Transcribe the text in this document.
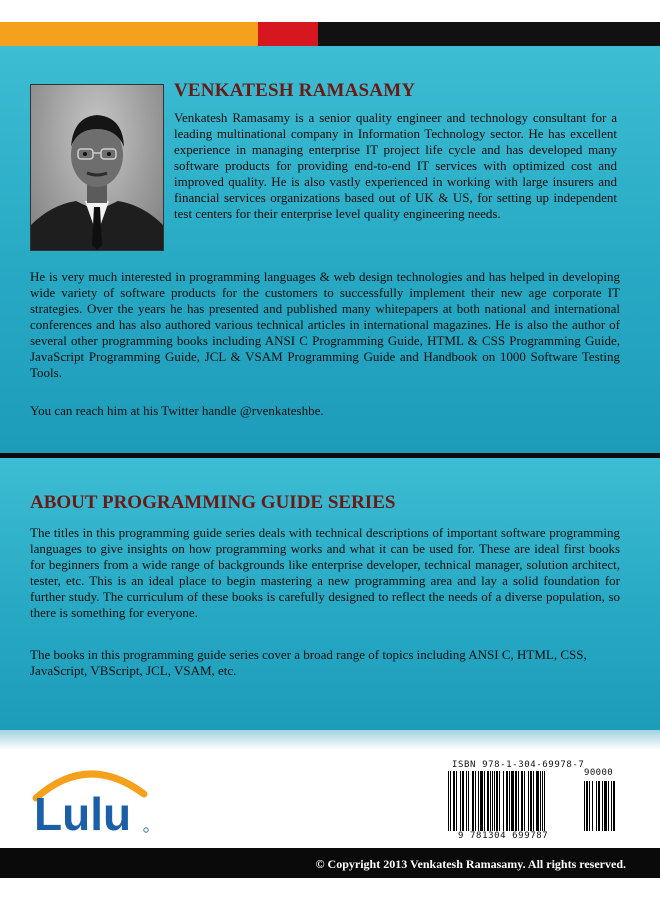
VENKATESH RAMASAMY

Venkatesh Ramasamy is a senior quality engineer and technology consultant for a leading multinational company in Information Technology sector. He has excellent experience in managing enterprise IT project life cycle and has developed many software products for providing end-to-end IT services with optimized cost and improved quality. He is also vastly experienced in working with large insurers and financial services organizations based out of UK & US, for setting up independent test centers for their enterprise level quality engineering needs.

He is very much interested in programming languages & web design technologies and has helped in developing wide variety of software products for the customers to successfully implement their new age corporate IT strategies. Over the years he has presented and published many whitepapers at both national and international conferences and has also authored various technical articles in international magazines. He is also the author of several other programming books including ANSI C Programming Guide, HTML & CSS Programming Guide, JavaScript Programming Guide, JCL & VSAM Programming Guide and Handbook on 1000 Software Testing Tools.

You can reach him at his Twitter handle @rvenkateshbe.

ABOUT PROGRAMMING GUIDE SERIES

The titles in this programming guide series deals with technical descriptions of important software programming languages to give insights on how programming works and what it can be used for. These are ideal first books for beginners from a wide range of backgrounds like enterprise developer, technical manager, solution architect, tester, etc. This is an ideal place to begin mastering a new programming area and lay a solid foundation for further study. The curriculum of these books is carefully designed to reflect the needs of a diverse population, so there is something for everyone.

The books in this programming guide series cover a broad range of topics including ANSI C, HTML, CSS, JavaScript, VBScript, JCL, VSAM, etc.

Lulu

ISBN 978-1-304-69978-7

90000

9 781304 699787

© Copyright 2013 Venkatesh Ramasamy. All rights reserved.
